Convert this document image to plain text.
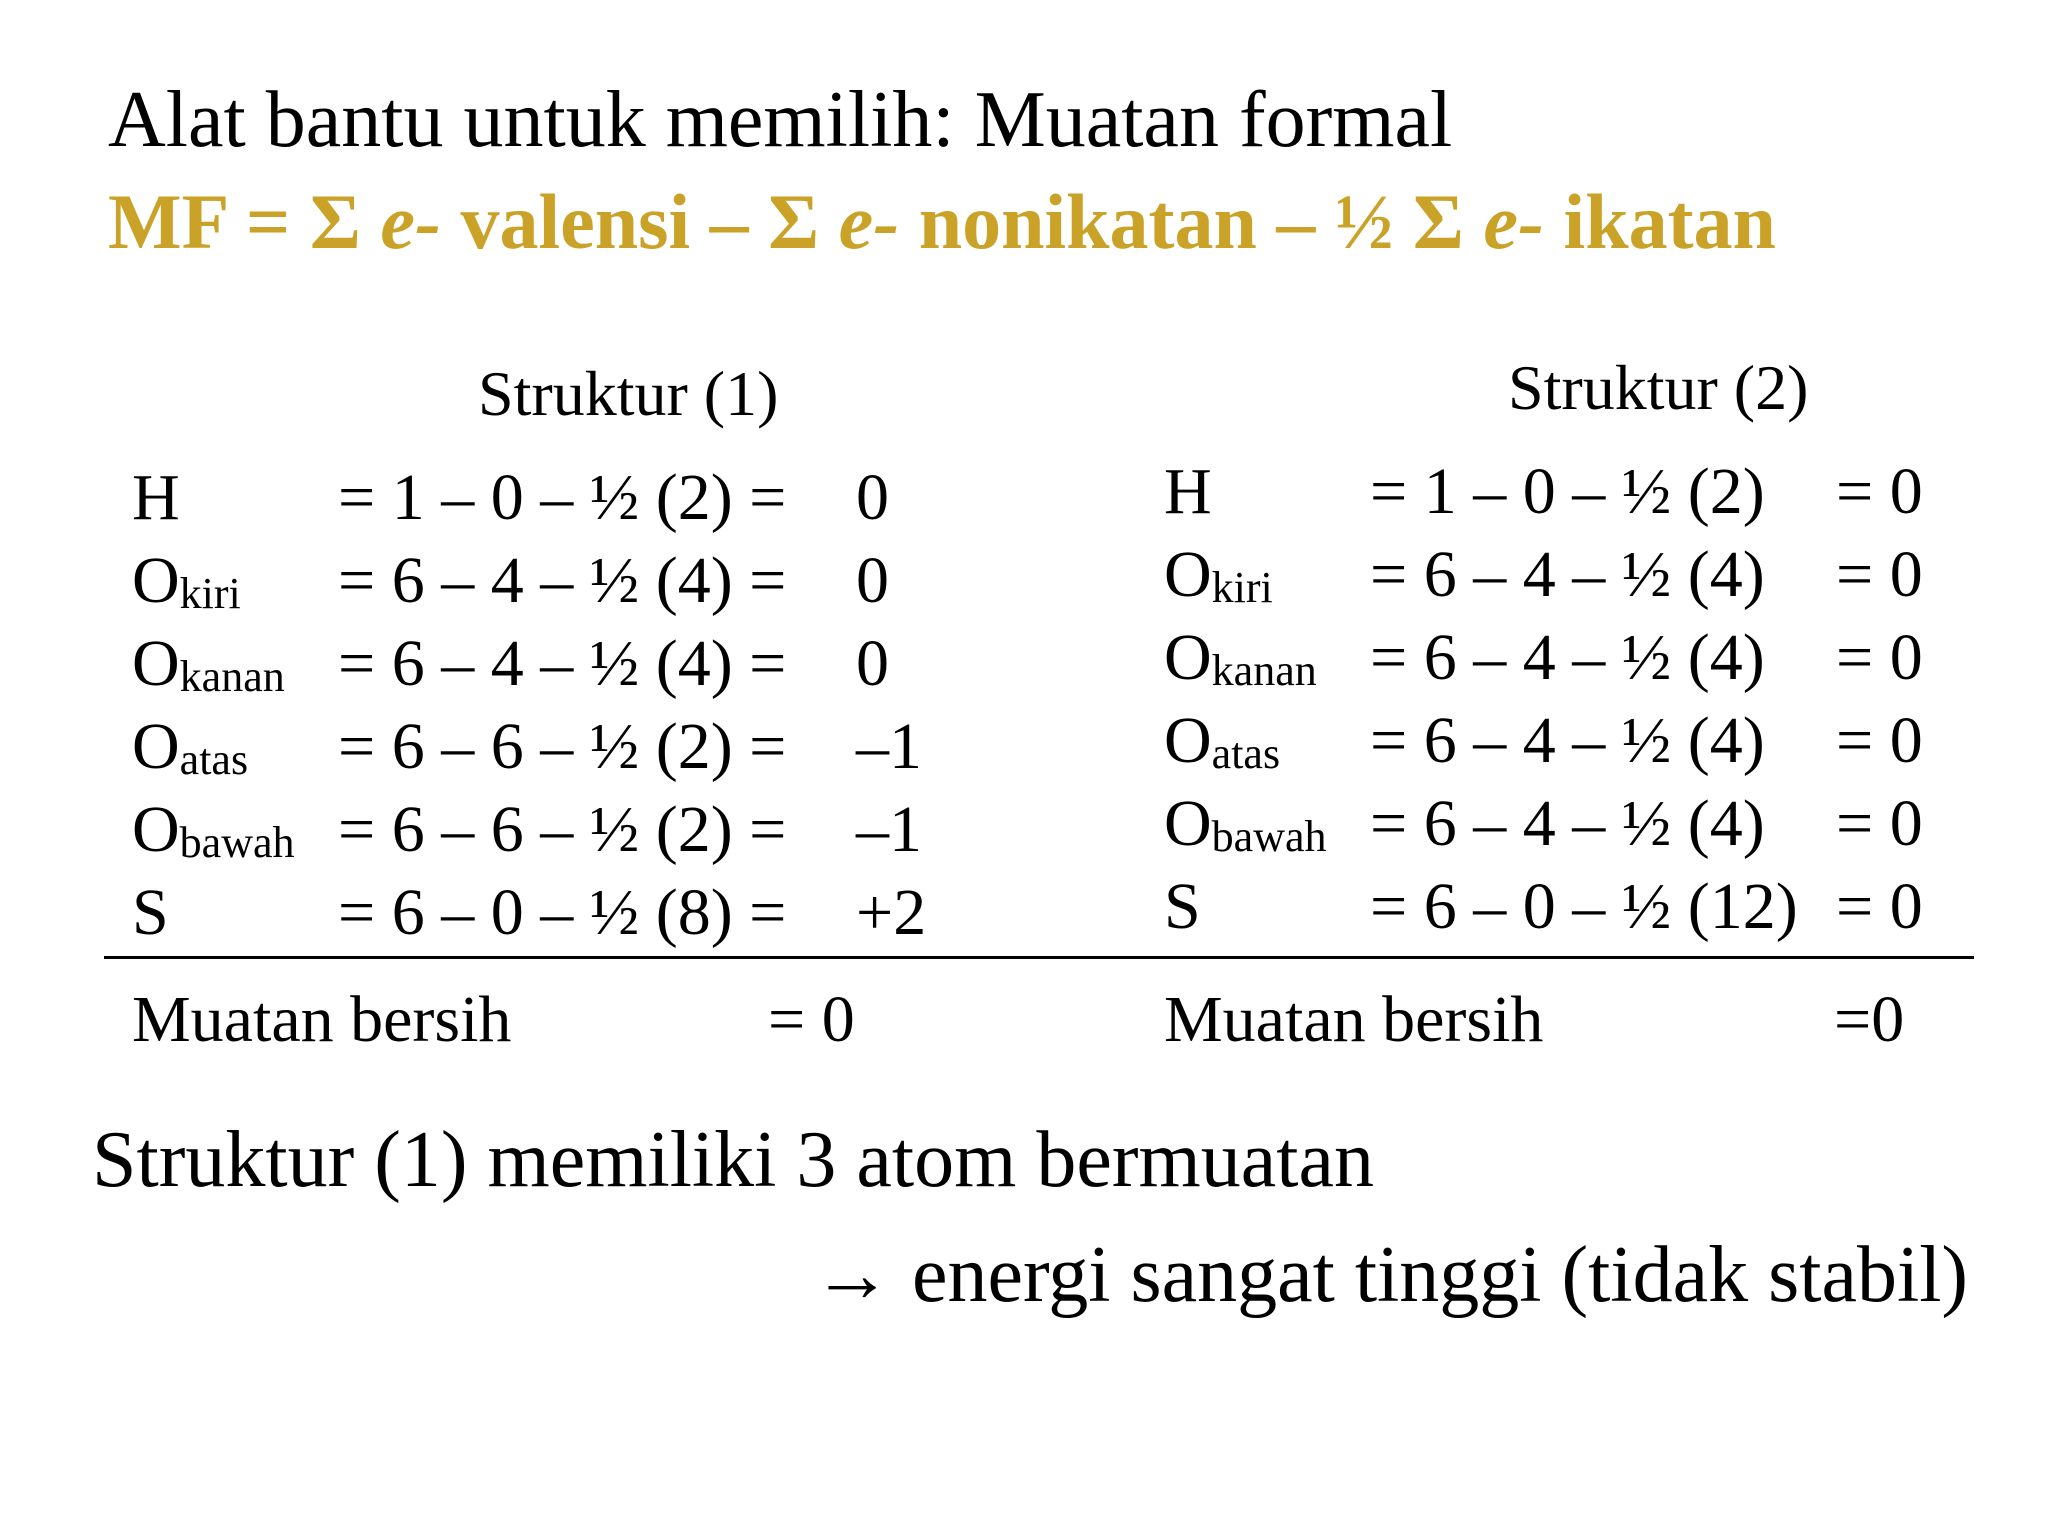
Alat bantu untuk memilih: Muatan formal
MF = Σ e- valensi – Σ e- nonikatan – ½ Σ e- ikatan
Struktur (1)	Struktur (2)
H = 1 – 0 – ½ (2) = 0
$O_{kiri} = 6 - 4$ – ½ (4) = 0
$O_{kanan} = 6 - 4$ – ½ (4) = 0
$O_{atas} = 6 - 6$ – ½ (2) = –1
$O_{bawah} = 6 - 6$ – ½ (2) = –1
S	= 6 – 0 – ½ (8) = +2
H = 1 – 0 – ½ (2) = 0
$O_{kiri} = 6 - 4$ – ½ (4) = 0
$O_{kanan} = 6 - 4$ – ½ (4) = 0
$O_{atas} = 6 - 4$ – ½ (4) = 0
$O_{bawah} = 6 - 4$ – ½ (4) = 0
S	= 6 – 0 – ½ (12) = 0
Muatan bersih	= 0	Muatan bersih	=0
Struktur (1) memiliki 3 atom bermuatan
→ energi sangat tinggi (tidak stabil)
